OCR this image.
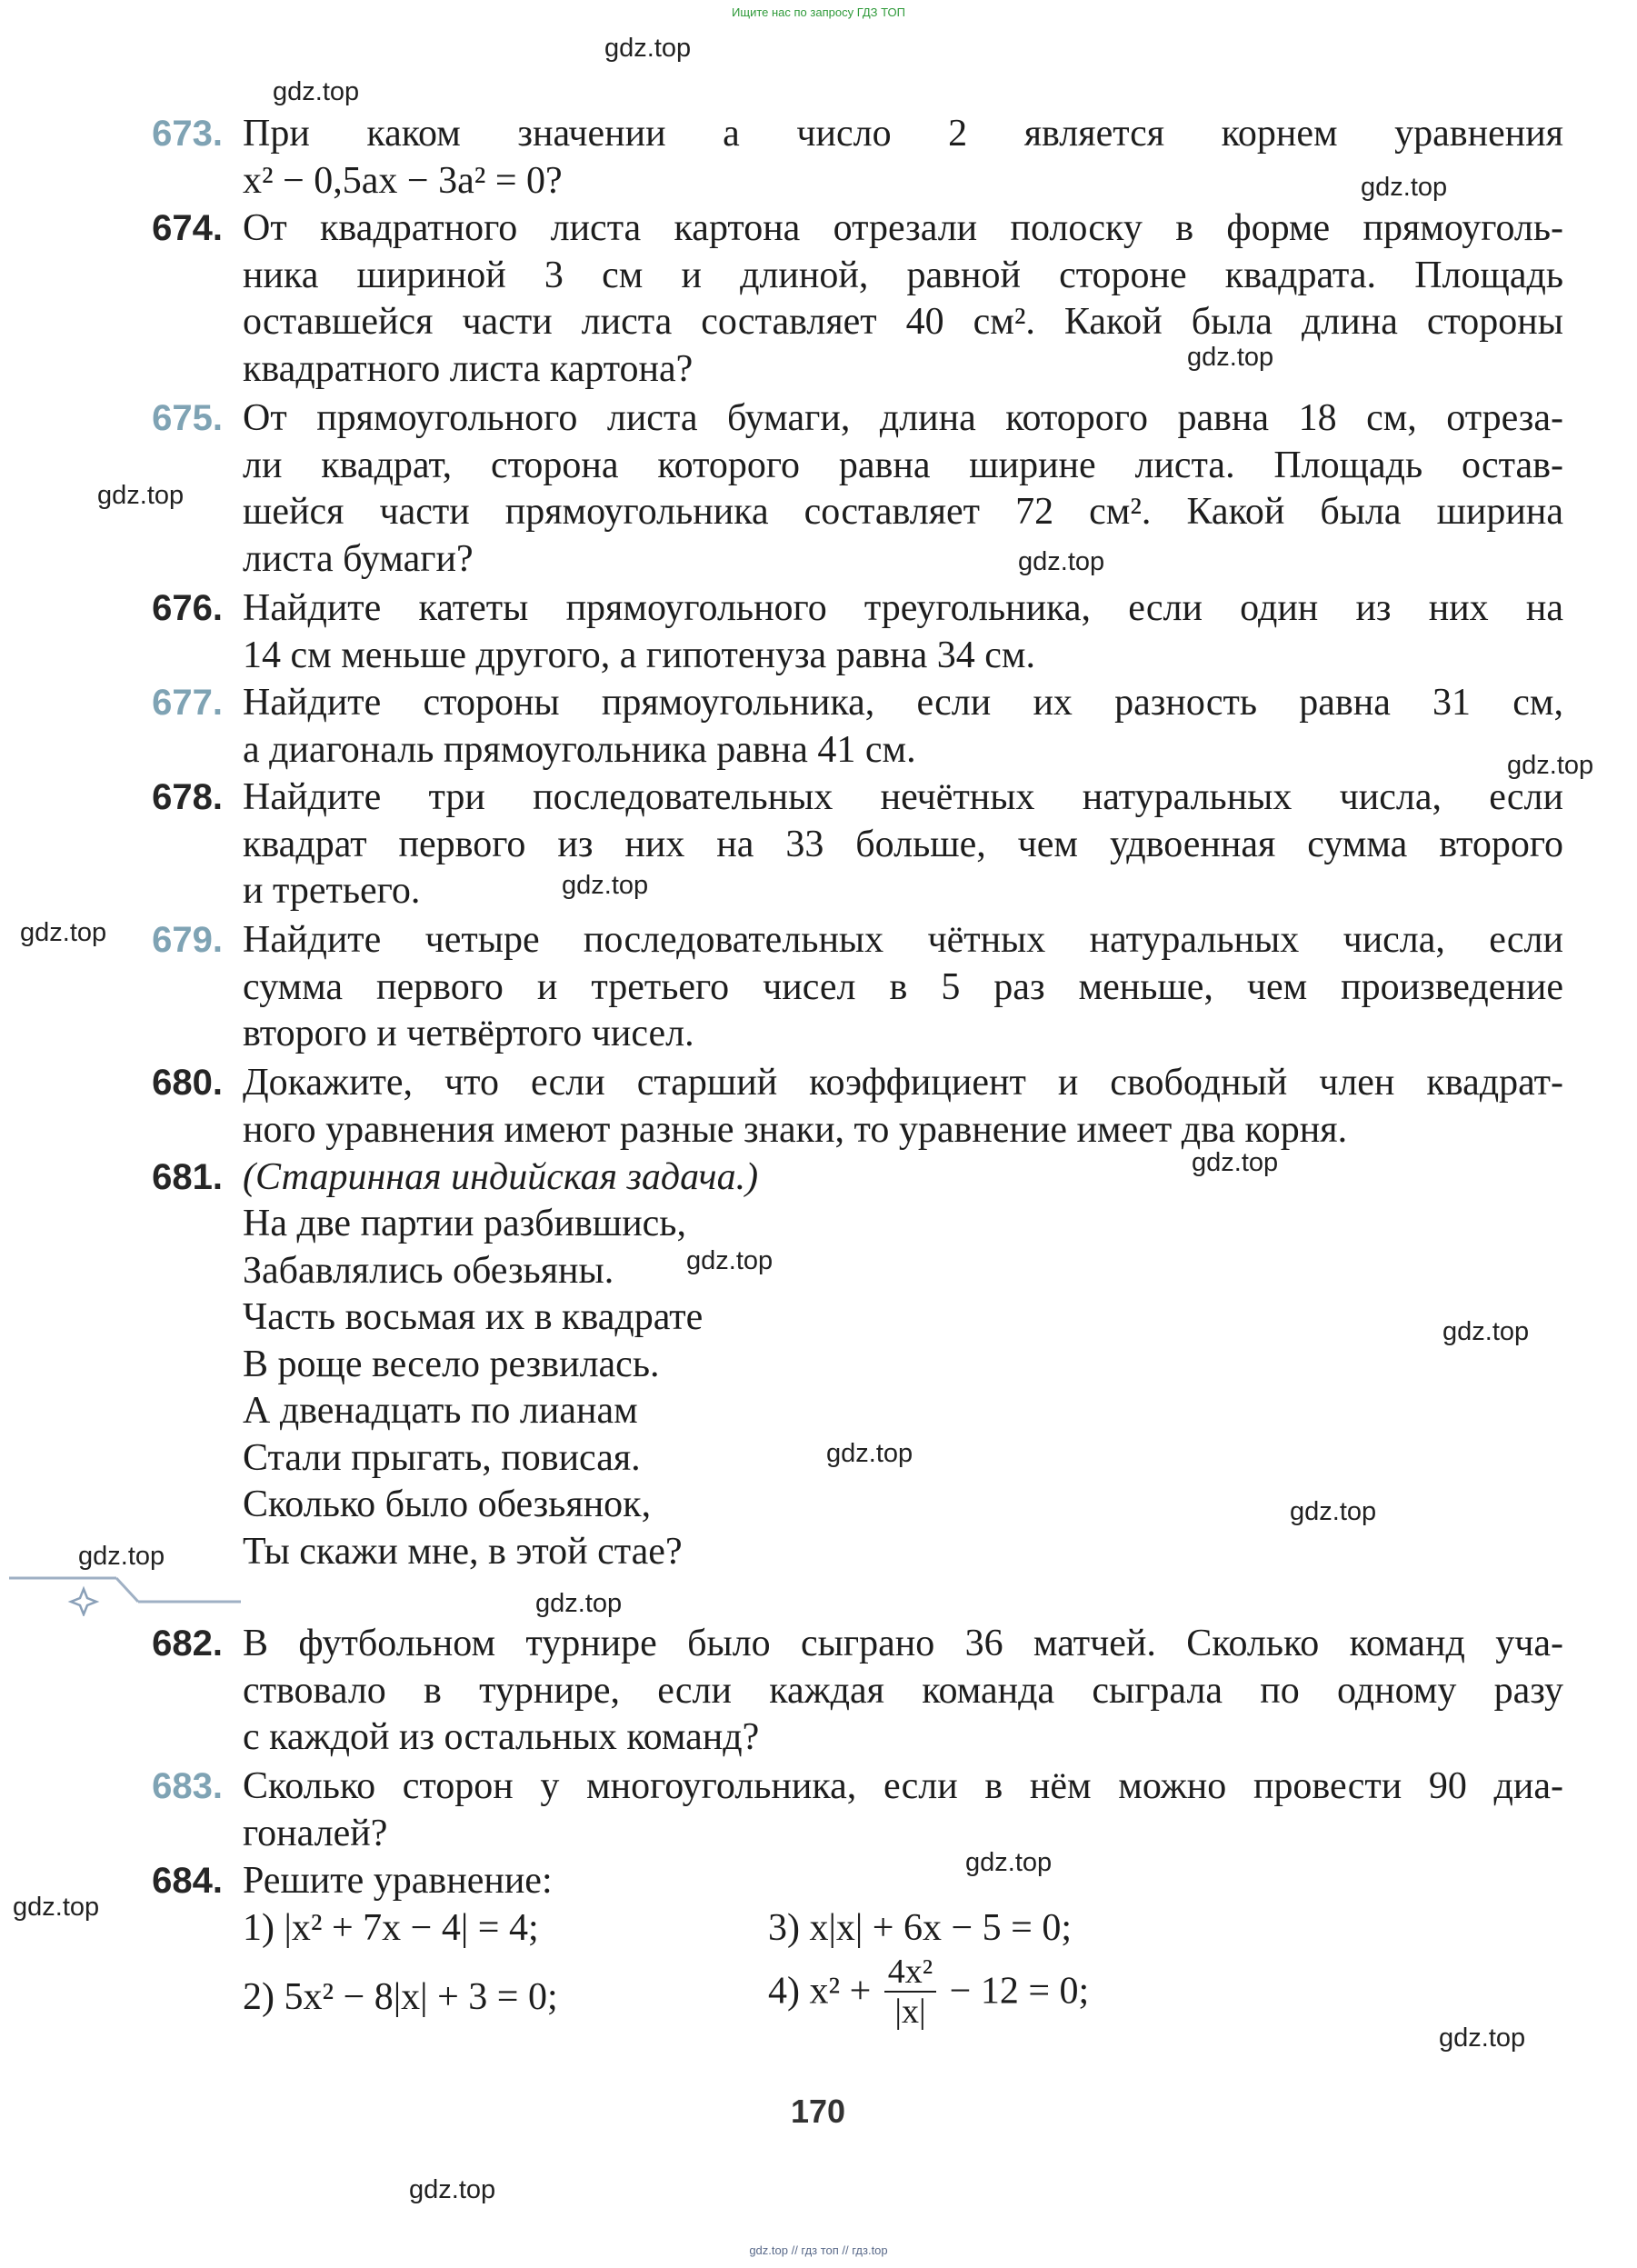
Ищите нас по запросу ГДЗ ТОП
gdz.top
gdz.top
gdz.top
gdz.top
gdz.top
gdz.top
gdz.top
gdz.top
gdz.top
gdz.top
gdz.top
gdz.top
gdz.top
gdz.top
gdz.top
gdz.top
gdz.top
gdz.top
gdz.top
gdz.top
673. При каком значении a число 2 является корнем уравнения
x² − 0,5ax − 3a² = 0?
674. От квадратного листа картона отрезали полоску в форме прямоуголь-
ника шириной 3 см и длиной, равной стороне квадрата. Площадь
оставшейся части листа составляет 40 см². Какой была длина стороны
квадратного листа картона?
675. От прямоугольного листа бумаги, длина которого равна 18 см, отреза-
ли квадрат, сторона которого равна ширине листа. Площадь остав-
шейся части прямоугольника составляет 72 см². Какой была ширина
листа бумаги?
676. Найдите катеты прямоугольного треугольника, если один из них на
14 см меньше другого, а гипотенуза равна 34 см.
677. Найдите стороны прямоугольника, если их разность равна 31 см,
а диагональ прямоугольника равна 41 см.
678. Найдите три последовательных нечётных натуральных числа, если
квадрат первого из них на 33 больше, чем удвоенная сумма второго
и третьего.
679. Найдите четыре последовательных чётных натуральных числа, если
сумма первого и третьего чисел в 5 раз меньше, чем произведение
второго и четвёртого чисел.
680. Докажите, что если старший коэффициент и свободный член квадрат-
ного уравнения имеют разные знаки, то уравнение имеет два корня.
681. (Старинная индийская задача.)
На две партии разбившись,
Забавлялись обезьяны.
Часть восьмая их в квадрате
В роще весело резвилась.
А двенадцать по лианам
Стали прыгать, повисая.
Сколько было обезьянок,
Ты скажи мне, в этой стае?
682. В футбольном турнире было сыграно 36 матчей. Сколько команд уча-
ствовало в турнире, если каждая команда сыграла по одному разу
с каждой из остальных команд?
683. Сколько сторон у многоугольника, если в нём можно провести 90 диа-
гоналей?
684. Решите уравнение:
1) |x² + 7x − 4| = 4;	3) x|x| + 6x − 5 = 0;
2) 5x² − 8|x| + 3 = 0;	4) $x^2 + \frac{\text{4x²}}{|x|} - 12 = 0$;
170
gdz.top // гдз топ // гдз.top
